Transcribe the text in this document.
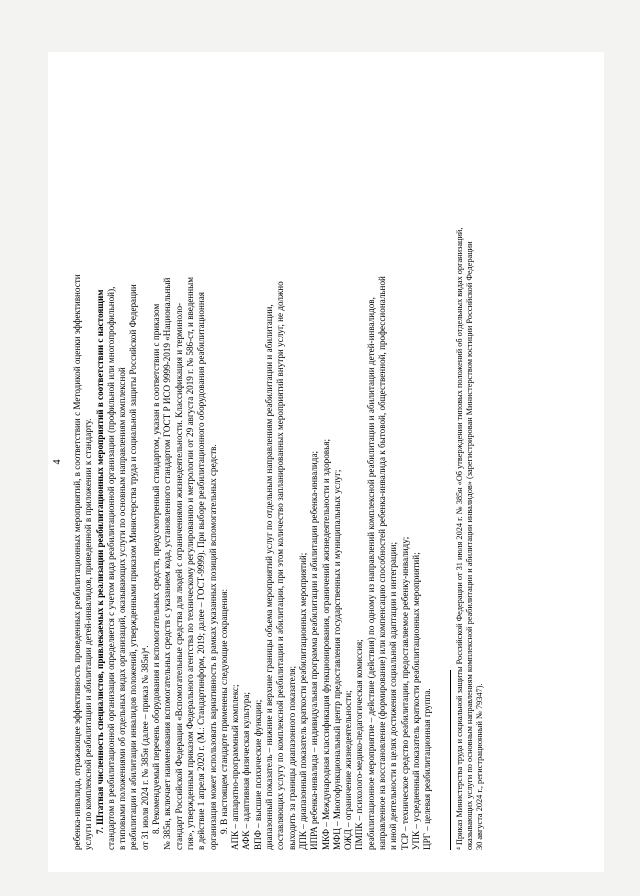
4 ребенка-инвалида, отражающее эффективность проведенных реабилитационных мероприятий, в соответствии с Методикой оценки эффективности услуги по комплексной реабилитации и абилитации детей-инвалидов, приведенной в приложении к стандарту. 7. Штатная численность специалистов, привлекаемых к реализации реабилитационных мероприятий в соответствии с настоящим стандартом в реабилитационной организации определяется с учетом вида реабилитационной организации (профильной или многопрофильной), в типовыми положениями об отдельных видах организаций, оказывающих услуги по основным направлениям комплексной реабилитации и абилитации инвалидов положений, утвержденными приказом Министерства труда и социальной защиты Российской Федерации от 31 июля 2024 г. № 385н (далее – приказ № 385н)⁴. 8. Рекомендуемый перечень оборудования и вспомогательных средств, предусмотренный стандартом, указан в соответствии с приказом № 385н, включает наименования вспомогательных средств с указанием кода, установленного стандартом ГОСТ Р ИСО 9999-2019 «Национальный стандарт Российской Федерации «Вспомогательные средства для людей с ограничениями жизнедеятельности. Классификация и терминоло- гия», утвержденным приказом Федерального агентства по техническому регулированию и метрологии от 29 августа 2019 г. № 586-ст, и введенным в действие 1 апреля 2020 г. (М.: Стандартинформ, 2019; далее – ГОСТ-9999). При выборе реабилитационного оборудования реабилитационная организация может использовать вариативность в рамках указанных позиций вспомогательных средств. 9. В настоящем стандарте применены следующие сокращения: АПК – аппаратно-программный комплекс; АФК – адаптивная физическая культура; ВПФ – высшие психические функции; диапазонный показатель – нижние и верхние границы объема мероприятий услуг по отдельным направлениям реабилитации и абилитации, составляющих услугу по комплексной реабилитации и абилитации, при этом количество запланированных мероприятий внутри услуг, не должно выходить за границы диапазонного показателя; ДПК – диапазонный показатель краткости реабилитационных мероприятий; ИПРА ребенка-инвалида – индивидуальная программа реабилитации и абилитации ребенка-инвалида; МКФ – Международная классификация функционирования, ограничений жизнедеятельности и здоровья; МФЦ – Многофункциональный центр предоставления государственных и муниципальных услуг; ОЖД – ограничение жизнедеятельности; ПМПК – психолого-медико-педагогическая комиссия; реабилитационное мероприятие – действие (действия) по одному из направлений комплексной реабилитации и абилитации детей-инвалидов, направленное на восстановление (формирование) или компенсацию способностей ребенка-инвалида к бытовой, общественной, профессиональной и иной деятельности в целях достижения социальной адаптации и интеграции; ТСР – техническое средство реабилитации, предоставляемое ребенку-инвалиду; УПК – усредненный показатель краткости реабилитационных мероприятий; ЦРГ – целевая реабилитационная группа.	⁴ Приказ Министерства труда и социальной защиты Российской Федерации от 31 июля 2024 г. № 385н «Об утверждении типовых положений об отдельных видах организаций, оказывающих услуги по основным направлениям комплексной реабилитации и абилитации инвалидов» (зарегистрирован Министерством юстиции Российской Федерации 30 августа 2024 г., регистрационный № 79347).
